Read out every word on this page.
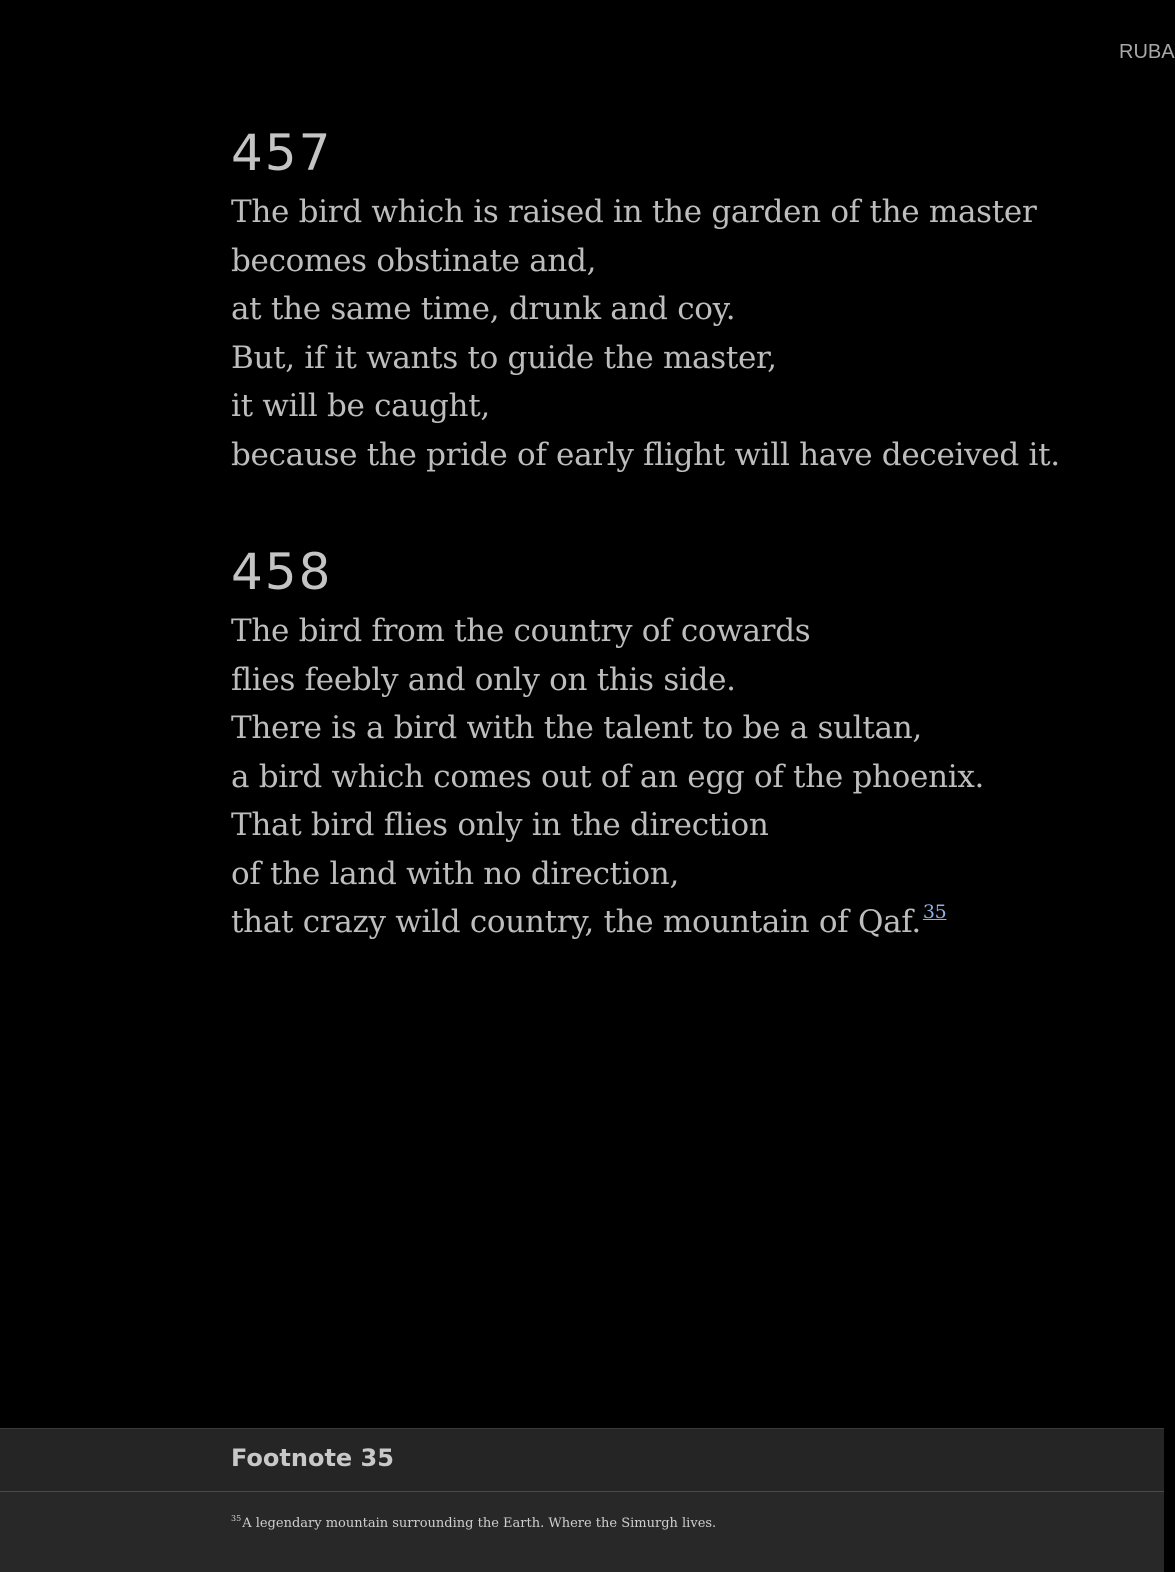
RUBA
457
The bird which is raised in the garden of the master
becomes obstinate and,
at the same time, drunk and coy.
But, if it wants to guide the master,
it will be caught,
because the pride of early flight will have deceived it.
458
The bird from the country of cowards
flies feebly and only on this side.
There is a bird with the talent to be a sultan,
a bird which comes out of an egg of the phoenix.
That bird flies only in the direction
of the land with no direction,
that crazy wild country, the mountain of Qaf. $^{35}$
Footnote 35
$^{35}$A legendary mountain surrounding the Earth. Where the Simurgh lives.
